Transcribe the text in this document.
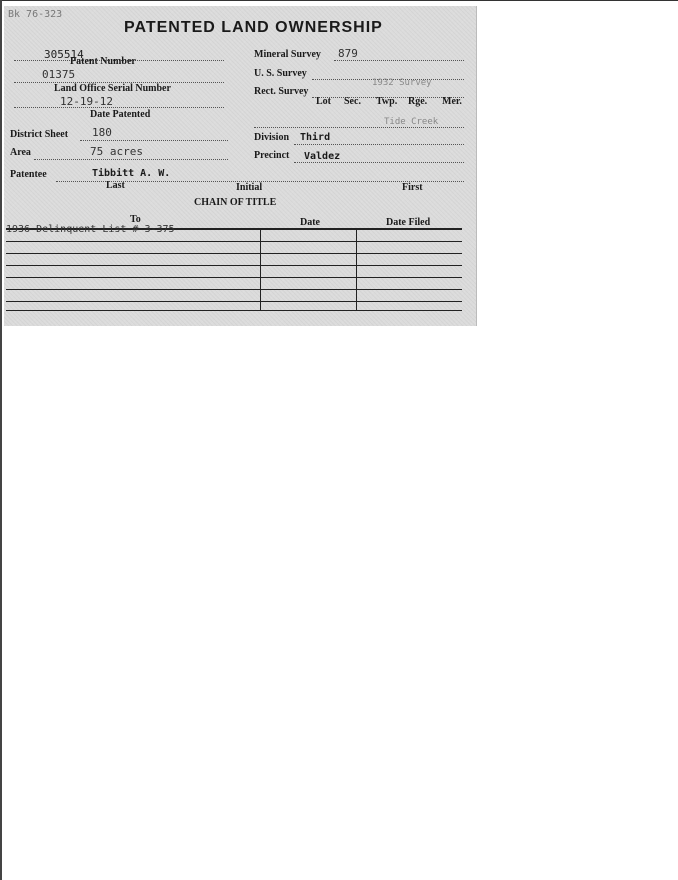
Bk 76-323
PATENTED LAND OWNERSHIP
305514
Patent Number
01375
Land Office Serial Number
12-19-12
Date Patented
Mineral Survey 879
U. S. Survey
1932 Survey
Rect. Survey
Lot Sec. Twp. Rge. Mer.
Tide Creek
District Sheet 180	Division Third
Area	75 acres	Precinct Valdez
Patentee	Tibbitt A. W.
Last	Initial	First
CHAIN OF TITLE
To	Date	Date Filed
1936 Delinquent List # 3-375
